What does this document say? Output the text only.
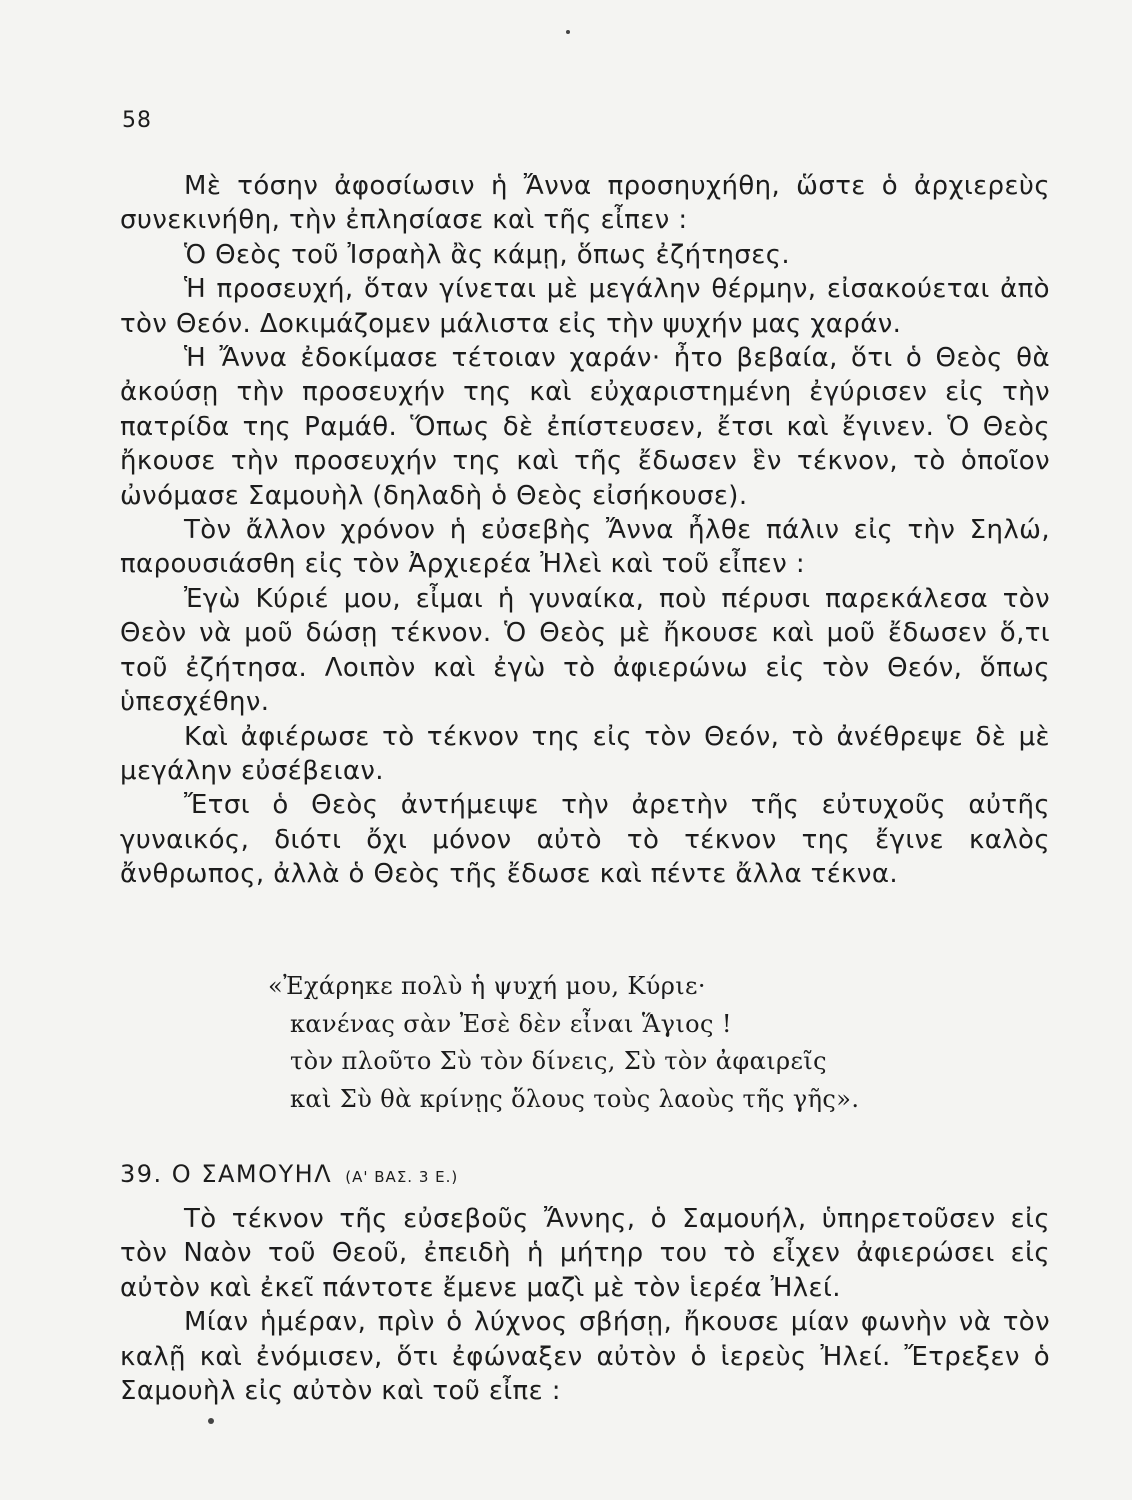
58

Μὲ τόσην ἀφοσίωσιν ἡ Ἄννα προσηυχήθη, ὥστε ὁ ἀρχιερεὺς συνεκινήθη, τὴν ἐπλησίασε καὶ τῆς εἶπεν :

Ὁ Θεὸς τοῦ Ἰσραὴλ ἂς κάμῃ, ὅπως ἐζήτησες.

Ἡ προσευχή, ὅταν γίνεται μὲ μεγάλην θέρμην, εἰσακούεται ἀπὸ τὸν Θεόν. Δοκιμάζομεν μάλιστα εἰς τὴν ψυχήν μας χαράν.

Ἡ Ἄννα ἐδοκίμασε τέτοιαν χαράν· ἦτο βεβαία, ὅτι ὁ Θεὸς θὰ ἀκούσῃ τὴν προσευχήν της καὶ εὐχαριστημένη ἐγύρισεν εἰς τὴν πατρίδα της Ραμάθ. Ὅπως δὲ ἐπίστευσεν, ἔτσι καὶ ἔγινεν. Ὁ Θεὸς ἤκουσε τὴν προσευχήν της καὶ τῆς ἔδωσεν ἓν τέκνον, τὸ ὁποῖον ὠνόμασε Σαμουὴλ (δηλαδὴ ὁ Θεὸς εἰσήκουσε).

Τὸν ἄλλον χρόνον ἡ εὐσεβὴς Ἄννα ἦλθε πάλιν εἰς τὴν Σηλώ, παρουσιάσθη εἰς τὸν Ἀρχιερέα Ἠλεὶ καὶ τοῦ εἶπεν :

Ἐγὼ Κύριέ μου, εἶμαι ἡ γυναίκα, ποὺ πέρυσι παρεκάλεσα τὸν Θεὸν νὰ μοῦ δώσῃ τέκνον. Ὁ Θεὸς μὲ ἤκουσε καὶ μοῦ ἔδωσεν ὅ,τι τοῦ ἐζήτησα. Λοιπὸν καὶ ἐγὼ τὸ ἀφιερώνω εἰς τὸν Θεόν, ὅπως ὑπεσχέθην.

Καὶ ἀφιέρωσε τὸ τέκνον της εἰς τὸν Θεόν, τὸ ἀνέθρεψε δὲ μὲ μεγάλην εὐσέβειαν.

Ἔτσι ὁ Θεὸς ἀντήμειψε τὴν ἀρετὴν τῆς εὐτυχοῦς αὐτῆς γυναικός, διότι ὄχι μόνον αὐτὸ τὸ τέκνον της ἔγινε καλὸς ἄνθρωπος, ἀλλὰ ὁ Θεὸς τῆς ἔδωσε καὶ πέντε ἄλλα τέκνα.

«Ἐχάρηκε πολὺ ἡ ψυχή μου, Κύριε·
κανένας σὰν Ἐσὲ δὲν εἶναι Ἅγιος !
τὸν πλοῦτο Σὺ τὸν δίνεις, Σὺ τὸν ἀφαιρεῖς
καὶ Σὺ θὰ κρίνῃς ὅλους τοὺς λαοὺς τῆς γῆς».
39. Ο ΣΑΜΟΥΗΛ (Α' ΒΑΣ. 3 Ε.)

Τὸ τέκνον τῆς εὐσεβοῦς Ἄννης, ὁ Σαμουήλ, ὑπηρετοῦσεν εἰς τὸν Ναὸν τοῦ Θεοῦ, ἐπειδὴ ἡ μήτηρ του τὸ εἶχεν ἀφιερώσει εἰς αὐτὸν καὶ ἐκεῖ πάντοτε ἔμενε μαζὶ μὲ τὸν ἱερέα Ἠλεί.

Μίαν ἡμέραν, πρὶν ὁ λύχνος σβήσῃ, ἤκουσε μίαν φωνὴν νὰ τὸν καλῇ καὶ ἐνόμισεν, ὅτι ἐφώναξεν αὐτὸν ὁ ἱερεὺς Ἠλεί. Ἔτρεξεν ὁ Σαμουὴλ εἰς αὐτὸν καὶ τοῦ εἶπε :
